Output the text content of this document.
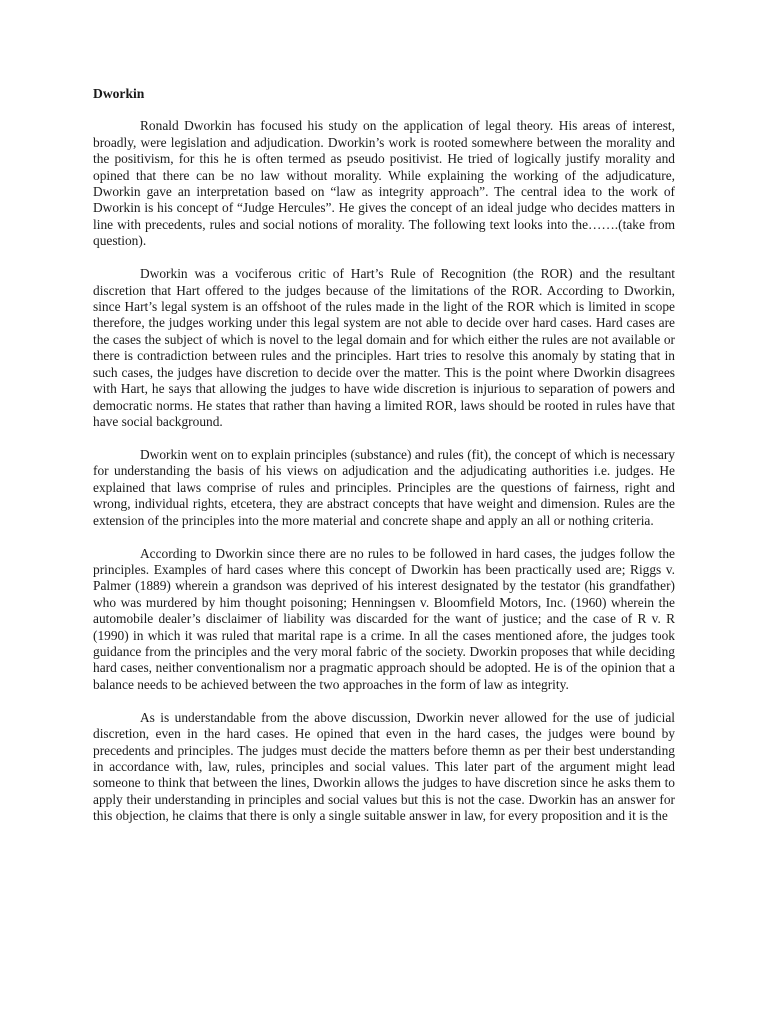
Dworkin

Ronald Dworkin has focused his study on the application of legal theory. His areas of interest, broadly, were legislation and adjudication. Dworkin’s work is rooted somewhere between the morality and the positivism, for this he is often termed as pseudo positivist. He tried of logically justify morality and opined that there can be no law without morality. While explaining the working of the adjudicature, Dworkin gave an interpretation based on “law as integrity approach”. The central idea to the work of Dworkin is his concept of “Judge Hercules”. He gives the concept of an ideal judge who decides matters in line with precedents, rules and social notions of morality. The following text looks into the…….(take from question).

Dworkin was a vociferous critic of Hart’s Rule of Recognition (the ROR) and the resultant discretion that Hart offered to the judges because of the limitations of the ROR. According to Dworkin, since Hart’s legal system is an offshoot of the rules made in the light of the ROR which is limited in scope therefore, the judges working under this legal system are not able to decide over hard cases. Hard cases are the cases the subject of which is novel to the legal domain and for which either the rules are not available or there is contradiction between rules and the principles. Hart tries to resolve this anomaly by stating that in such cases, the judges have discretion to decide over the matter. This is the point where Dworkin disagrees with Hart, he says that allowing the judges to have wide discretion is injurious to separation of powers and democratic norms. He states that rather than having a limited ROR, laws should be rooted in rules have that have social background.

Dworkin went on to explain principles (substance) and rules (fit), the concept of which is necessary for understanding the basis of his views on adjudication and the adjudicating authorities i.e. judges. He explained that laws comprise of rules and principles. Principles are the questions of fairness, right and wrong, individual rights, etcetera, they are abstract concepts that have weight and dimension. Rules are the extension of the principles into the more material and concrete shape and apply an all or nothing criteria.

According to Dworkin since there are no rules to be followed in hard cases, the judges follow the principles. Examples of hard cases where this concept of Dworkin has been practically used are; Riggs v. Palmer (1889) wherein a grandson was deprived of his interest designated by the testator (his grandfather) who was murdered by him thought poisoning; Henningsen v. Bloomfield Motors, Inc. (1960) wherein the automobile dealer’s disclaimer of liability was discarded for the want of justice; and the case of R v. R (1990) in which it was ruled that marital rape is a crime. In all the cases mentioned afore, the judges took guidance from the principles and the very moral fabric of the society. Dworkin proposes that while deciding hard cases, neither conventionalism nor a pragmatic approach should be adopted. He is of the opinion that a balance needs to be achieved between the two approaches in the form of law as integrity.

As is understandable from the above discussion, Dworkin never allowed for the use of judicial discretion, even in the hard cases. He opined that even in the hard cases, the judges were bound by precedents and principles. The judges must decide the matters before themn as per their best understanding in accordance with, law, rules, principles and social values. This later part of the argument might lead someone to think that between the lines, Dworkin allows the judges to have discretion since he asks them to apply their understanding in principles and social values but this is not the case. Dworkin has an answer for this objection, he claims that there is only a single suitable answer in law, for every proposition and it is the
